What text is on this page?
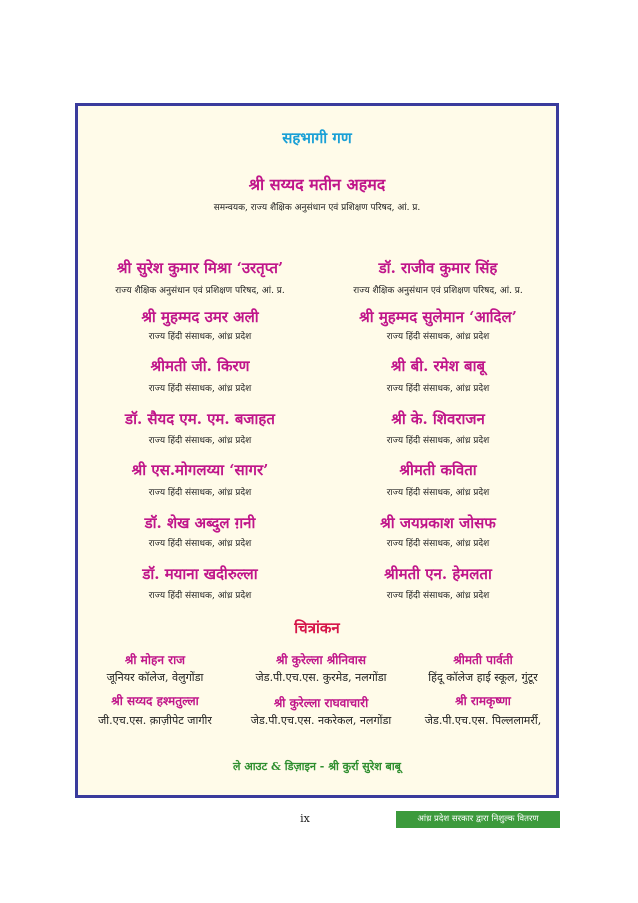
सहभागी गण
श्री सय्यद मतीन अहमद
समन्वयक, राज्य शैक्षिक अनुसंधान एवं प्रशिक्षण परिषद, आं. प्र.
श्री सुरेश कुमार मिश्रा ‘उरतृप्त’
राज्य शैक्षिक अनुसंधान एवं प्रशिक्षण परिषद, आं. प्र.
श्री मुहम्मद उमर अली
राज्य हिंदी संसाधक, आंध्र प्रदेश
श्रीमती जी. किरण
राज्य हिंदी संसाधक, आंध्र प्रदेश
डॉ. सैयद एम. एम. बजाहत
राज्य हिंदी संसाधक, आंध्र प्रदेश
श्री एस.मोगलय्या ‘सागर’
राज्य हिंदी संसाधक, आंध्र प्रदेश
डॉ. शेख अब्दुल ग़नी
राज्य हिंदी संसाधक, आंध्र प्रदेश
डॉ. मयाना खदीरुल्ला
राज्य हिंदी संसाधक, आंध्र प्रदेश
डॉ. राजीव कुमार सिंह
राज्य शैक्षिक अनुसंधान एवं प्रशिक्षण परिषद, आं. प्र.
श्री मुहम्मद सुलेमान ‘आदिल’
राज्य हिंदी संसाधक, आंध्र प्रदेश
श्री बी. रमेश बाबू
राज्य हिंदी संसाधक, आंध्र प्रदेश
श्री के. शिवराजन
राज्य हिंदी संसाधक, आंध्र प्रदेश
श्रीमती कविता
राज्य हिंदी संसाधक, आंध्र प्रदेश
श्री जयप्रकाश जोसफ
राज्य हिंदी संसाधक, आंध्र प्रदेश
श्रीमती एन. हेमलता
राज्य हिंदी संसाधक, आंध्र प्रदेश
चित्रांकन
श्री मोहन राज
जूनियर कॉलेज, वेलुगोंडा
श्री कुरेल्ला श्रीनिवास
जेड.पी.एच.एस. कुरमेड, नलगोंडा
श्रीमती पार्वती
हिंदू कॉलेज हाई स्कूल, गुंटूर
श्री सय्यद हश्मतुल्ला
जी.एच.एस. क़ाज़ीपेट जागीर
श्री कुरेल्ला राघवाचारी
जेड.पी.एच.एस. नकरेकल, नलगोंडा
श्री रामकृष्णा
जेड.पी.एच.एस. पिल्ललामर्री,
ले आउट & डिज़ाइन - श्री कुर्रा सुरेश बाबू
ix	आंध्र प्रदेश सरकार द्वारा निशुल्क वितरण
